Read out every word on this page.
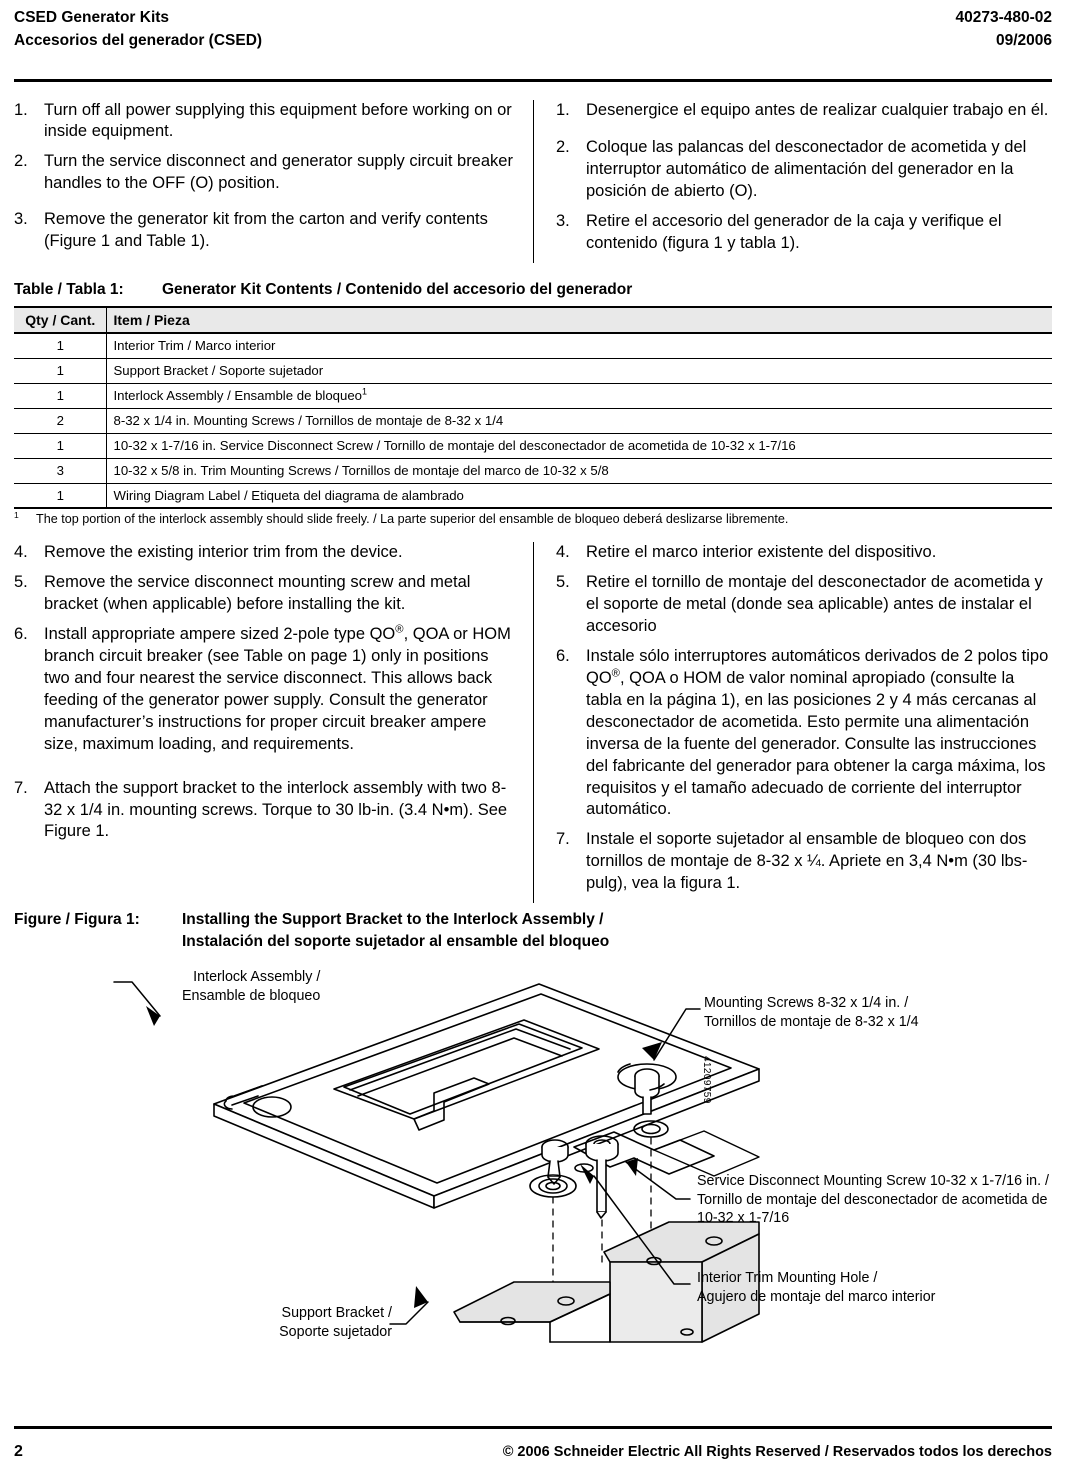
CSED Generator Kits
Accesorios del generador (CSED)
40273-480-02
09/2006
1. Turn off all power supplying this equipment before working on or inside equipment.
2. Turn the service disconnect and generator supply circuit breaker handles to the OFF (O) position.
3. Remove the generator kit from the carton and verify contents (Figure 1 and Table 1).
1. Desenergice el equipo antes de realizar cualquier trabajo en él.
2. Coloque las palancas del desconectador de acometida y del interruptor automático de alimentación del generador en la posición de abierto (O).
3. Retire el accesorio del generador de la caja y verifique el contenido (figura 1 y tabla 1).
Table / Tabla 1:	Generator Kit Contents / Contenido del accesorio del generador
Qty / Cant.	Item / Pieza
1	Interior Trim / Marco interior
1	Support Bracket / Soporte sujetador
1	Interlock Assembly / Ensamble de bloqueo$^1$
2	8-32 x 1/4 in. Mounting Screws / Tornillos de montaje de 8-32 x 1/4
1	10-32 x 1-7/16 in. Service Disconnect Screw / Tornillo de montaje del desconectador de acometida de 10-32 x 1-7/16
3	10-32 x 5/8 in. Trim Mounting Screws / Tornillos de montaje del marco de 10-32 x 5/8
1	Wiring Diagram Label / Etiqueta del diagrama de alambrado
$^1$	The top portion of the interlock assembly should slide freely. / La parte superior del ensamble de bloqueo deberá deslizarse libremente.
4. Remove the existing interior trim from the device.
5. Remove the service disconnect mounting screw and metal bracket (when applicable) before installing the kit.
6. Install appropriate ampere sized 2-pole type QO®, QOA or HOM branch circuit breaker (see Table on page 1) only in positions two and four nearest the service disconnect. This allows back feeding of the generator power supply. Consult the generator manufacturer’s instructions for proper circuit breaker ampere size, maximum loading, and requirements.
7. Attach the support bracket to the interlock assembly with two 8-32 x 1/4 in. mounting screws. Torque to 30 lb-in. (3.4 N•m). See Figure 1.
4. Retire el marco interior existente del dispositivo.
5. Retire el tornillo de montaje del desconectador de acometida y el soporte de metal (donde sea aplicable) antes de instalar el accesorio
6. Instale sólo interruptores automáticos derivados de 2 polos tipo QO®, QOA o HOM de valor nominal apropiado (consulte la tabla en la página 1), en las posiciones 2 y 4 más cercanas al desconectador de acometida. Esto permite una alimentación inversa de la fuente del generador. Consulte las instrucciones del fabricante del generador para obtener la carga máxima, los requisitos y el tamaño adecuado de corriente del interruptor automático.
7. Instale el soporte sujetador al ensamble de bloqueo con dos tornillos de montaje de 8-32 x ¼. Apriete en 3,4 N•m (30 lbs-pulg), vea la figura 1.
Figure / Figura 1:	Installing the Support Bracket to the Interlock Assembly /
Instalación del soporte sujetador al ensamble del bloqueo
Interlock Assembly /
Ensamble de bloqueo	Mounting Screws 8-32 x 1/4 in. /
Tornillos de montaje de 8-32 x 1/4
Service Disconnect Mounting Screw 10-32 x 1-7/16 in. /
Tornillo de montaje del desconectador de acometida de
10-32 x 1-7/16
Interior Trim Mounting Hole /
Agujero de montaje del marco interior
Support Bracket /
Soporte sujetador
41209759
2	© 2006 Schneider Electric All Rights Reserved / Reservados todos los derechos
